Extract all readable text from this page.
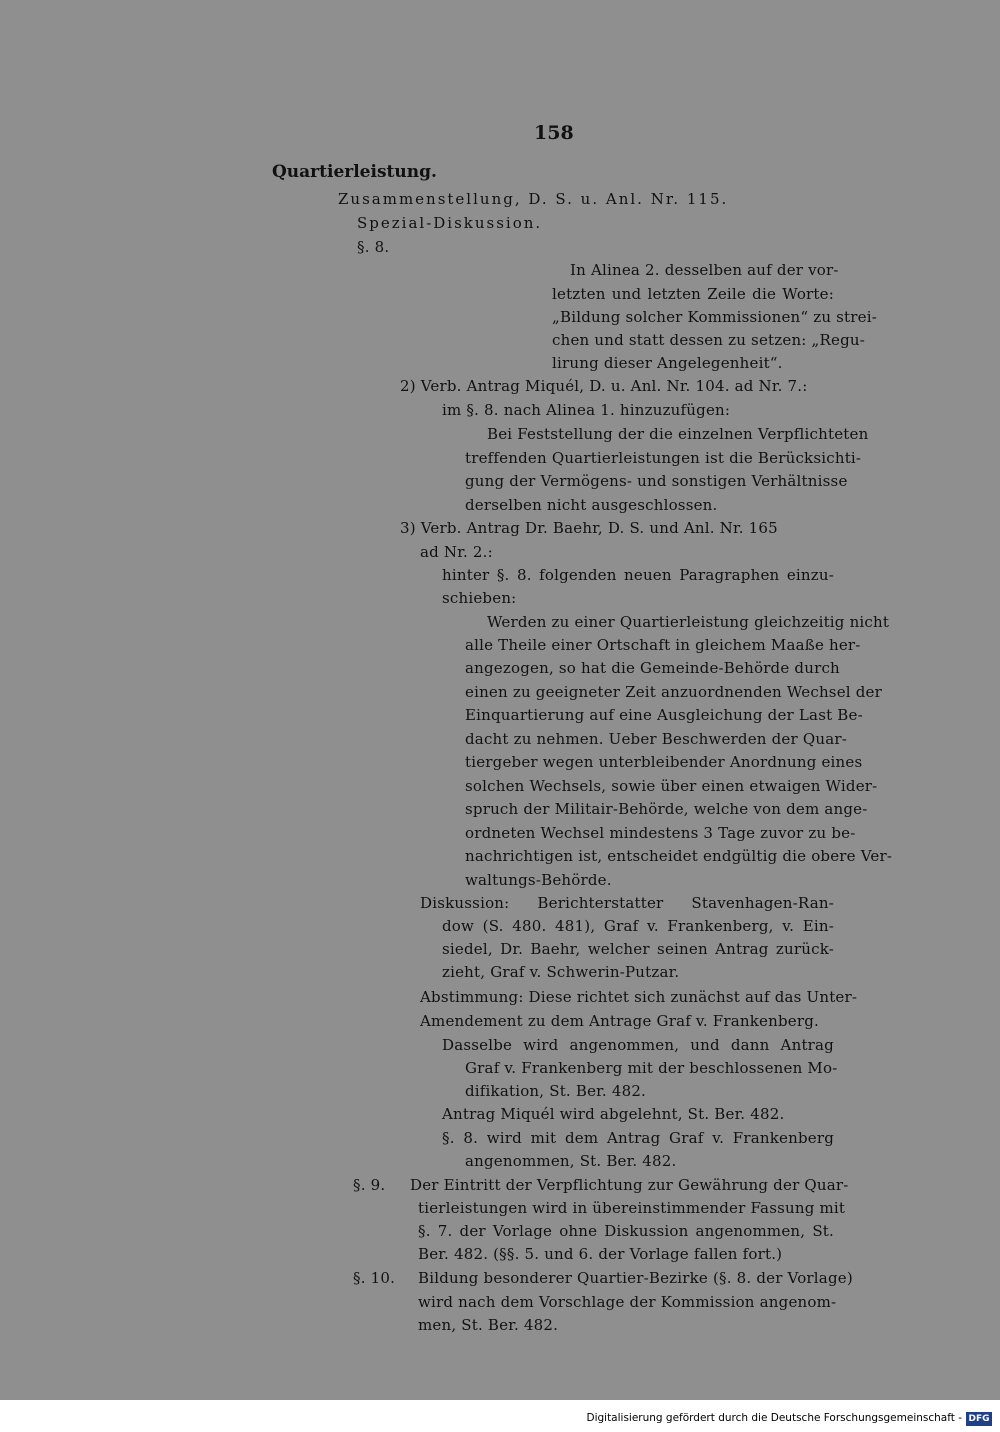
158
Quartierleistung.
Zusammenstellung, D. S. u. Anl. Nr. 115.
Spezial-Diskussion.
§. 8.
In Alinea 2. desselben auf der vor-
letzten und letzten Zeile die Worte:
„Bildung solcher Kommissionen“ zu strei-
chen und statt dessen zu setzen: „Regu-
lirung dieser Angelegenheit“.
2) Verb. Antrag Miquél, D. u. Anl. Nr. 104. ad Nr. 7.:
im §. 8. nach Alinea 1. hinzuzufügen:
Bei Feststellung der die einzelnen Verpflichteten
treffenden Quartierleistungen ist die Berücksichti-
gung der Vermögens- und sonstigen Verhältnisse
derselben nicht ausgeschlossen.
3) Verb. Antrag Dr. Baehr, D. S. und Anl. Nr. 165
ad Nr. 2.:
hinter §. 8. folgenden neuen Paragraphen einzu-
schieben:
Werden zu einer Quartierleistung gleichzeitig nicht
alle Theile einer Ortschaft in gleichem Maaße her-
angezogen, so hat die Gemeinde-Behörde durch
einen zu geeigneter Zeit anzuordnenden Wechsel der
Einquartierung auf eine Ausgleichung der Last Be-
dacht zu nehmen. Ueber Beschwerden der Quar-
tiergeber wegen unterbleibender Anordnung eines
solchen Wechsels, sowie über einen etwaigen Wider-
spruch der Militair-Behörde, welche von dem ange-
ordneten Wechsel mindestens 3 Tage zuvor zu be-
nachrichtigen ist, entscheidet endgültig die obere Ver-
waltungs-Behörde.
Diskussion: Berichterstatter Stavenhagen-Ran-
dow (S. 480. 481), Graf v. Frankenberg, v. Ein-
siedel, Dr. Baehr, welcher seinen Antrag zurück-
zieht, Graf v. Schwerin-Putzar.
Abstimmung: Diese richtet sich zunächst auf das Unter-
Amendement zu dem Antrage Graf v. Frankenberg.
Dasselbe wird angenommen, und dann Antrag
Graf v. Frankenberg mit der beschlossenen Mo-
difikation, St. Ber. 482.
Antrag Miquél wird abgelehnt, St. Ber. 482.
§. 8. wird mit dem Antrag Graf v. Frankenberg
angenommen, St. Ber. 482.
§. 9. Der Eintritt der Verpflichtung zur Gewährung der Quar-
tierleistungen wird in übereinstimmender Fassung mit
§. 7. der Vorlage ohne Diskussion angenommen, St.
Ber. 482. (§§. 5. und 6. der Vorlage fallen fort.)
§. 10. Bildung besonderer Quartier-Bezirke (§. 8. der Vorlage)
wird nach dem Vorschlage der Kommission angenom-
men, St. Ber. 482.
Digitalisierung gefördert durch die Deutsche Forschungsgemeinschaft - DFG
